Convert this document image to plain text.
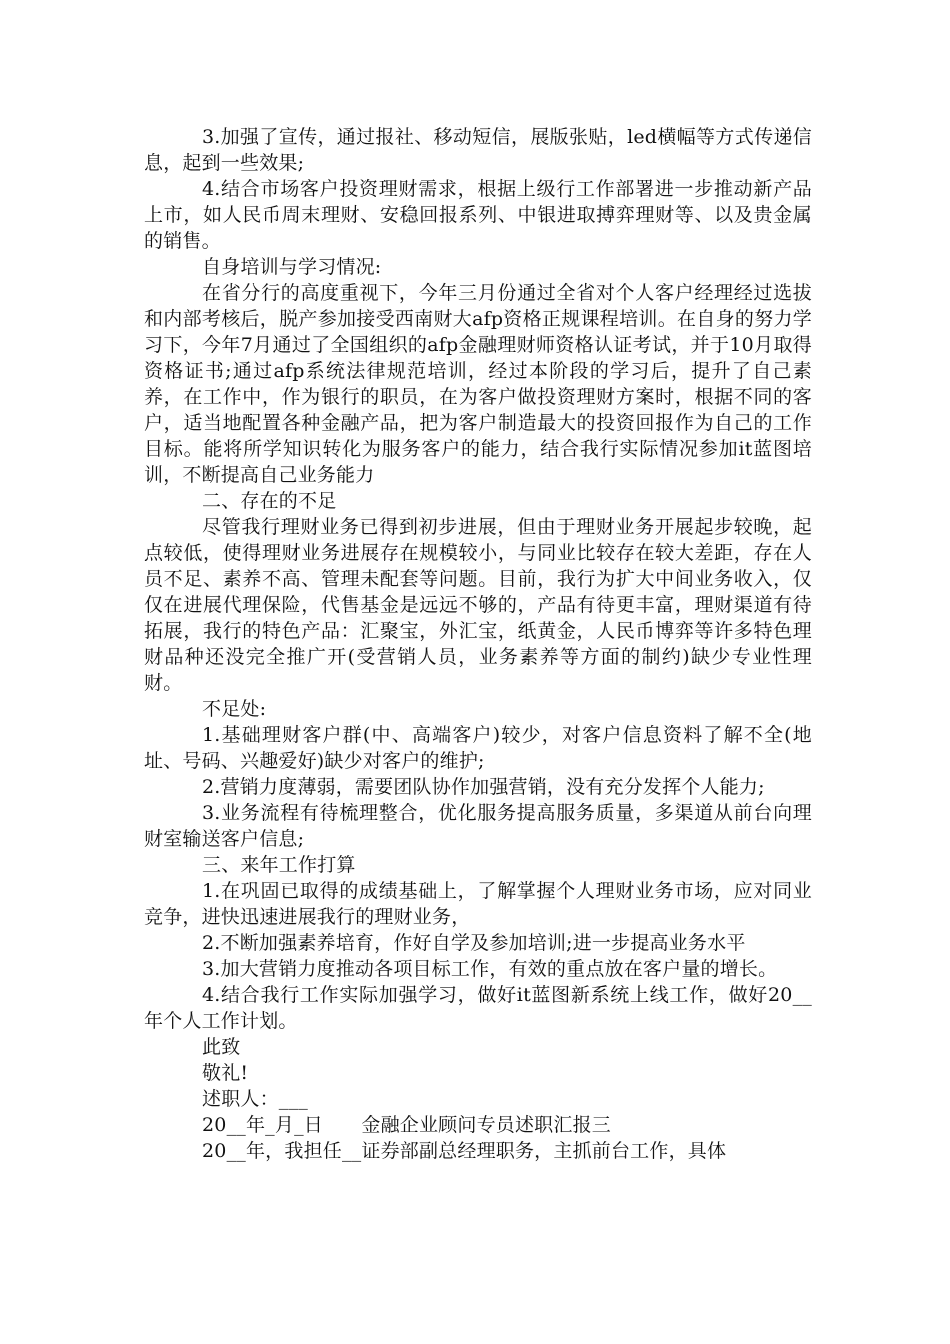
3.加强了宣传，通过报社、移动短信，展版张贴，led横幅等方式传递信息，起到一些效果;

4.结合市场客户投资理财需求，根据上级行工作部署进一步推动新产品上市，如人民币周末理财、安稳回报系列、中银进取搏弈理财等、以及贵金属的销售。

自身培训与学习情况:

在省分行的高度重视下，今年三月份通过全省对个人客户经理经过选拔和内部考核后，脱产参加接受西南财大afp资格正规课程培训。在自身的努力学习下，今年7月通过了全国组织的afp金融理财师资格认证考试，并于10月取得资格证书;通过afp系统法律规范培训，经过本阶段的学习后，提升了自己素养，在工作中，作为银行的职员，在为客户做投资理财方案时，根据不同的客户，适当地配置各种金融产品，把为客户制造最大的投资回报作为自己的工作目标。能将所学知识转化为服务客户的能力，结合我行实际情况参加it蓝图培训，不断提高自己业务能力

二、存在的不足

尽管我行理财业务已得到初步进展，但由于理财业务开展起步较晚，起点较低，使得理财业务进展存在规模较小，与同业比较存在较大差距，存在人员不足、素养不高、管理未配套等问题。目前，我行为扩大中间业务收入，仅仅在进展代理保险，代售基金是远远不够的，产品有待更丰富，理财渠道有待拓展，我行的特色产品：汇聚宝，外汇宝，纸黄金，人民币博弈等许多特色理财品种还没完全推广开(受营销人员，业务素养等方面的制约)缺少专业性理财。

不足处:

1.基础理财客户群(中、高端客户)较少，对客户信息资料了解不全(地址、号码、兴趣爱好)缺少对客户的维护;

2.营销力度薄弱，需要团队协作加强营销，没有充分发挥个人能力;

3.业务流程有待梳理整合，优化服务提高服务质量，多渠道从前台向理财室输送客户信息;

三、来年工作打算

1.在巩固已取得的成绩基础上，了解掌握个人理财业务市场，应对同业竞争，进快迅速进展我行的理财业务，

2.不断加强素养培育，作好自学及参加培训;进一步提高业务水平

3.加大营销力度推动各项目标工作，有效的重点放在客户量的增长。

4.结合我行工作实际加强学习，做好it蓝图新系统上线工作，做好20__年个人工作计划。

此致

敬礼!

述职人：___

20__年_月_日　　金融企业顾问专员述职汇报三

20__年，我担任__证券部副总经理职务，主抓前台工作，具体
